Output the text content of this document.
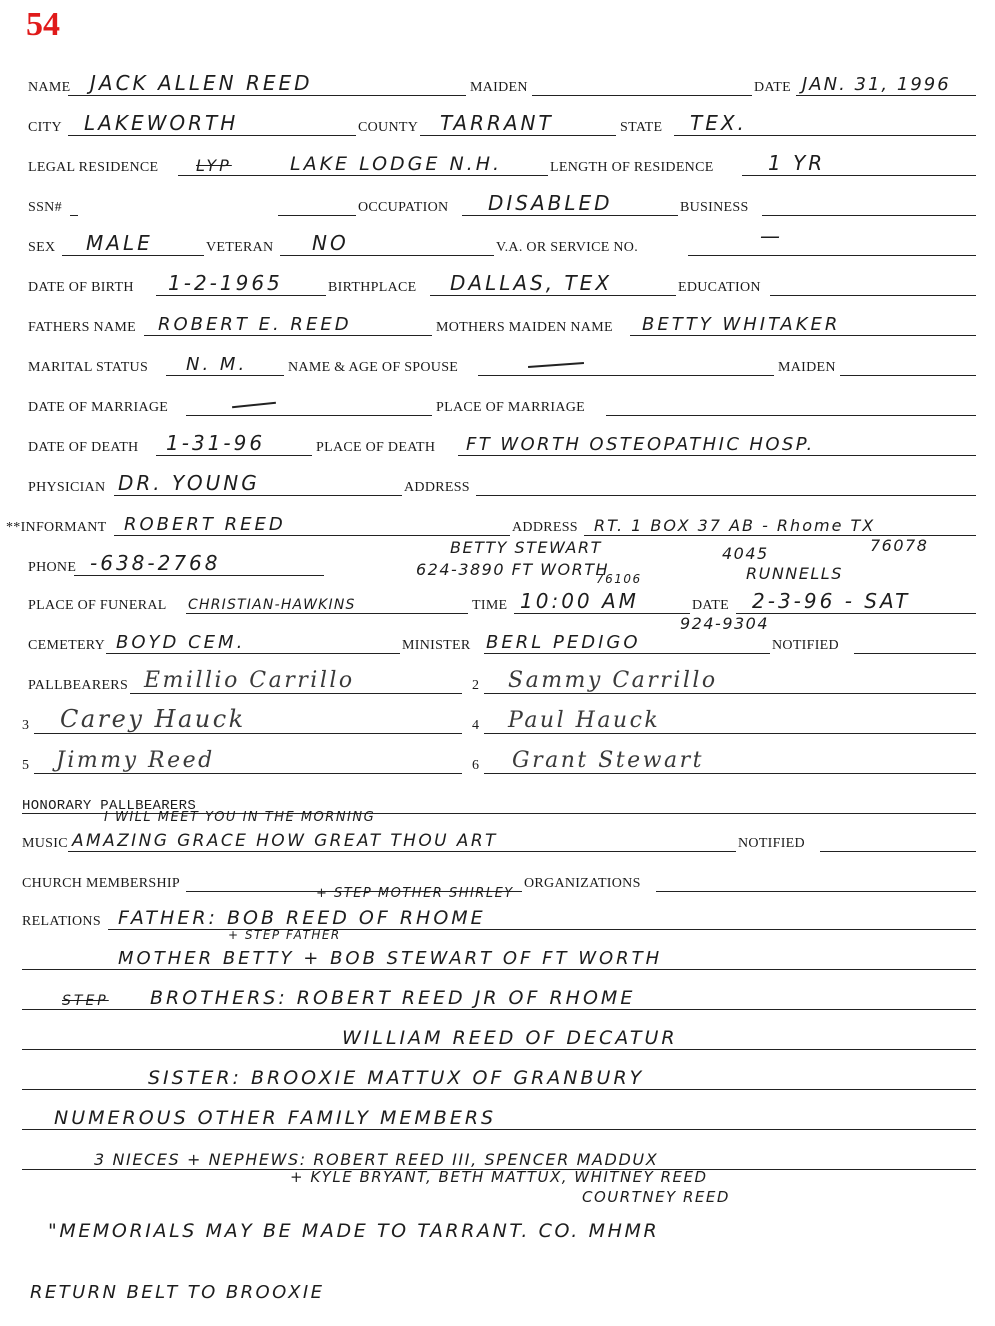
54
NAME JACK ALLEN REED	MAIDEN	DATE JAN. 31, 1996
CITY LAKEWORTH	COUNTY TARRANT	STATE TEX.
LEGAL RESIDENCE LYP	LAKE LODGE N.H.	LENGTH OF RESIDENCE	1 YR
SSN#	OCCUPATION DISABLED	BUSINESS
SEX MALE	VETERAN NO	V.A. OR SERVICE NO.	—
DATE OF BIRTH 1-2-1965	BIRTHPLACE DALLAS, TEX	EDUCATION
FATHERS NAME ROBERT E. REED	MOTHERS MAIDEN NAME BETTY WHITAKER
MARITAL STATUS N. M.	NAME & AGE OF SPOUSE	MAIDEN
DATE OF MARRIAGE	PLACE OF MARRIAGE
DATE OF DEATH 1-31-96	PLACE OF DEATH FT WORTH OSTEOPATHIC HOSP.
PHYSICIAN DR. YOUNG	ADDRESS
**INFORMANT ROBERT REED	ADDRESS RT. 1 BOX 37 AB - Rhome TX
PHONE -638-2768
BETTY STEWART	4045	76078
624-3890 FT WORTH
76106	RUNNELLS
PLACE OF FUNERAL CHRISTIAN-HAWKINS	TIME 10:00 AM	DATE 2-3-96 - SAT
924-9304
CEMETERY BOYD CEM.	MINISTER BERL PEDIGO	NOTIFIED
PALLBEARERS Emillio Carrillo	2 Sammy Carrillo
3 Carey Hauck	4 Paul Hauck
5 Jimmy Reed	6 Grant Stewart
HONORARY PALLBEARERS
I WILL MEET YOU IN THE MORNING
MUSIC AMAZING GRACE HOW GREAT THOU ART	NOTIFIED
CHURCH MEMBERSHIP	ORGANIZATIONS
+ STEP MOTHER SHIRLEY
RELATIONS FATHER: BOB REED OF RHOME
+ STEP FATHER
MOTHER BETTY + BOB STEWART OF FT WORTH
STEP BROTHERS: ROBERT REED JR OF RHOME
WILLIAM REED OF DECATUR
SISTER: BROOXIE MATTUX OF GRANBURY
NUMEROUS OTHER FAMILY MEMBERS
3 NIECES + NEPHEWS: ROBERT REED III, SPENCER MADDUX
+ KYLE BRYANT, BETH MATTUX, WHITNEY REED
COURTNEY REED
"MEMORIALS MAY BE MADE TO TARRANT. CO. MHMR
RETURN BELT TO BROOXIE
